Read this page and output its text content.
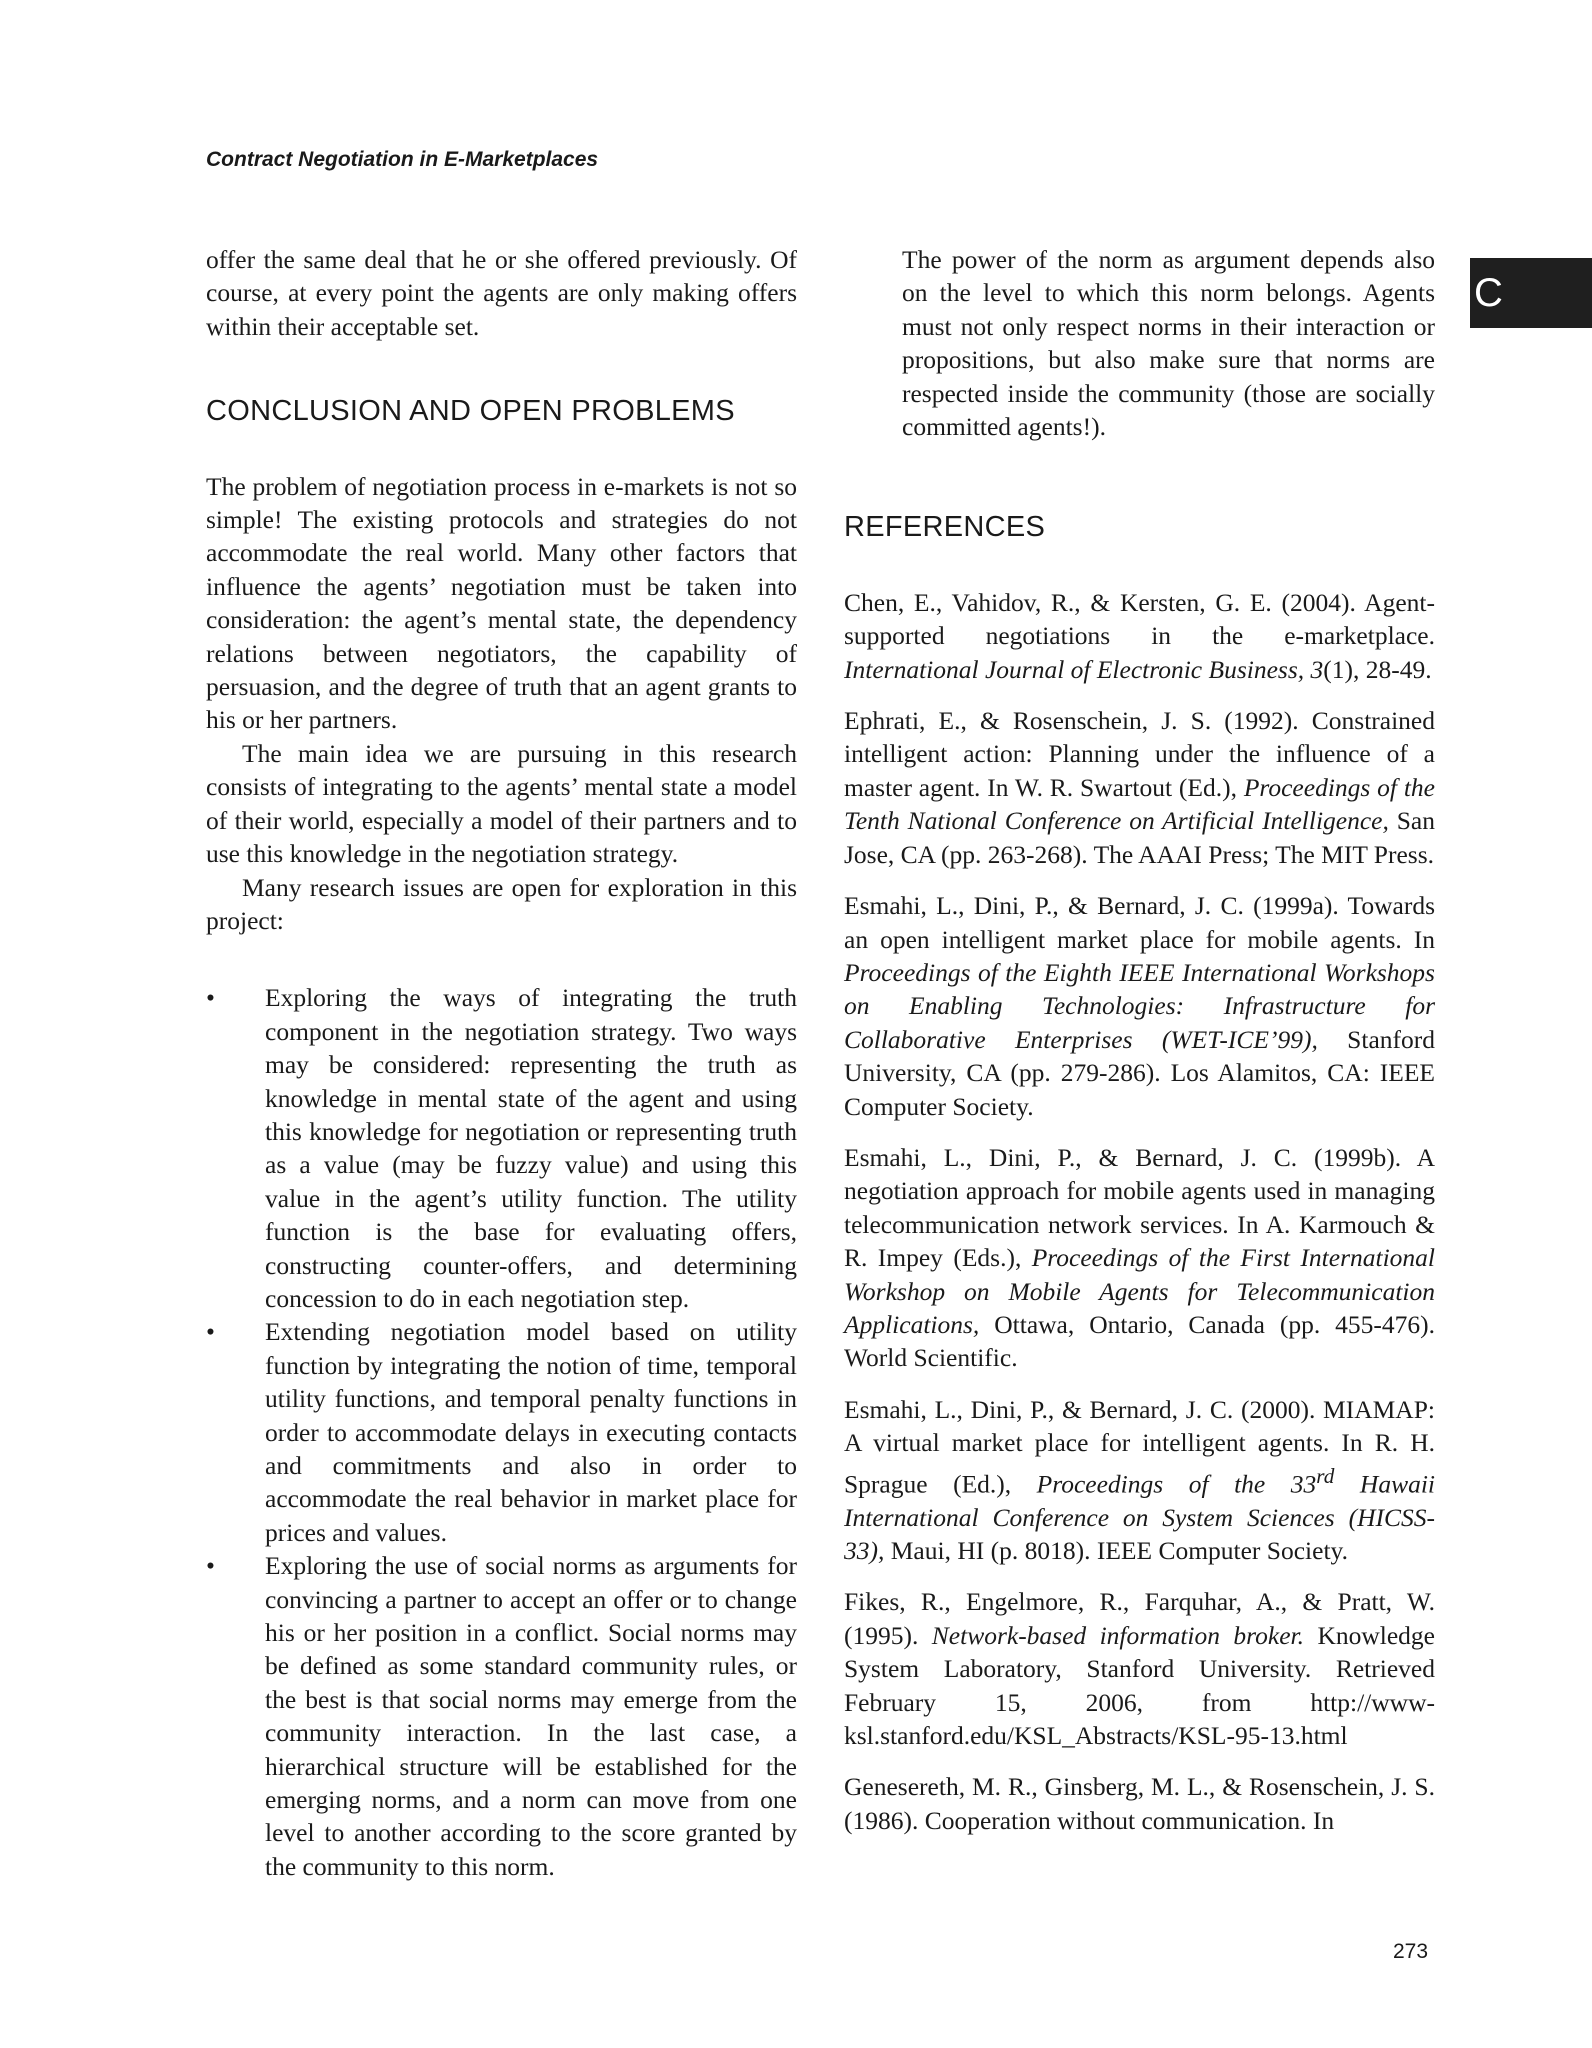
Contract Negotiation in E-Marketplaces
C

offer the same deal that he or she offered previously. Of course, at every point the agents are only making offers within their acceptable set.

CONCLUSION AND OPEN PROBLEMS

The problem of negotiation process in e-markets is not so simple! The existing protocols and strategies do not accommodate the real world. Many other factors that influence the agents’ negotiation must be taken into consideration: the agent’s mental state, the dependency relations between negotiators, the capability of persuasion, and the degree of truth that an agent grants to his or her partners.

The main idea we are pursuing in this research consists of integrating to the agents’ mental state a model of their world, especially a model of their partners and to use this knowledge in the negotiation strategy.

Many research issues are open for exploration in this project:

• Exploring the ways of integrating the truth component in the negotiation strategy. Two ways may be considered: representing the truth as knowledge in mental state of the agent and using this knowledge for negotiation or representing truth as a value (may be fuzzy value) and using this value in the agent’s utility function. The utility function is the base for evaluating offers, constructing counter-offers, and determining concession to do in each negotiation step.
• Extending negotiation model based on utility function by integrating the notion of time, temporal utility functions, and temporal penalty functions in order to accommodate delays in executing contacts and commitments and also in order to accommodate the real behavior in market place for prices and values.
• Exploring the use of social norms as arguments for convincing a partner to accept an offer or to change his or her position in a conflict. Social norms may be defined as some standard community rules, or the best is that social norms may emerge from the community interaction. In the last case, a hierarchical structure will be established for the emerging norms, and a norm can move from one level to another according to the score granted by the community to this norm.

The power of the norm as argument depends also on the level to which this norm belongs. Agents must not only respect norms in their interaction or propositions, but also make sure that norms are respected inside the community (those are socially committed agents!).

REFERENCES

Chen, E., Vahidov, R., & Kersten, G. E. (2004). Agent-supported negotiations in the e-marketplace. International Journal of Electronic Business, 3(1), 28-49.

Ephrati, E., & Rosenschein, J. S. (1992). Constrained intelligent action: Planning under the influence of a master agent. In W. R. Swartout (Ed.), Proceedings of the Tenth National Conference on Artificial Intelligence, San Jose, CA (pp. 263-268). The AAAI Press; The MIT Press.

Esmahi, L., Dini, P., & Bernard, J. C. (1999a). Towards an open intelligent market place for mobile agents. In Proceedings of the Eighth IEEE International Workshops on Enabling Technologies: Infrastructure for Collaborative Enterprises (WET-ICE’99), Stanford University, CA (pp. 279-286). Los Alamitos, CA: IEEE Computer Society.

Esmahi, L., Dini, P., & Bernard, J. C. (1999b). A negotiation approach for mobile agents used in managing telecommunication network services. In A. Karmouch & R. Impey (Eds.), Proceedings of the First International Workshop on Mobile Agents for Telecommunication Applications, Ottawa, Ontario, Canada (pp. 455-476). World Scientific.

Esmahi, L., Dini, P., & Bernard, J. C. (2000). MIAMAP: A virtual market place for intelligent agents. In R. H. Sprague (Ed.), Proceedings of the 33rd Hawaii International Conference on System Sciences (HICSS-33), Maui, HI (p. 8018). IEEE Computer Society.

Fikes, R., Engelmore, R., Farquhar, A., & Pratt, W. (1995). Network-based information broker. Knowledge System Laboratory, Stanford University. Retrieved February 15, 2006, from http://www-ksl.stanford.edu/KSL_Abstracts/KSL-95-13.html

Genesereth, M. R., Ginsberg, M. L., & Rosenschein, J. S. (1986). Cooperation without communication. In

273
